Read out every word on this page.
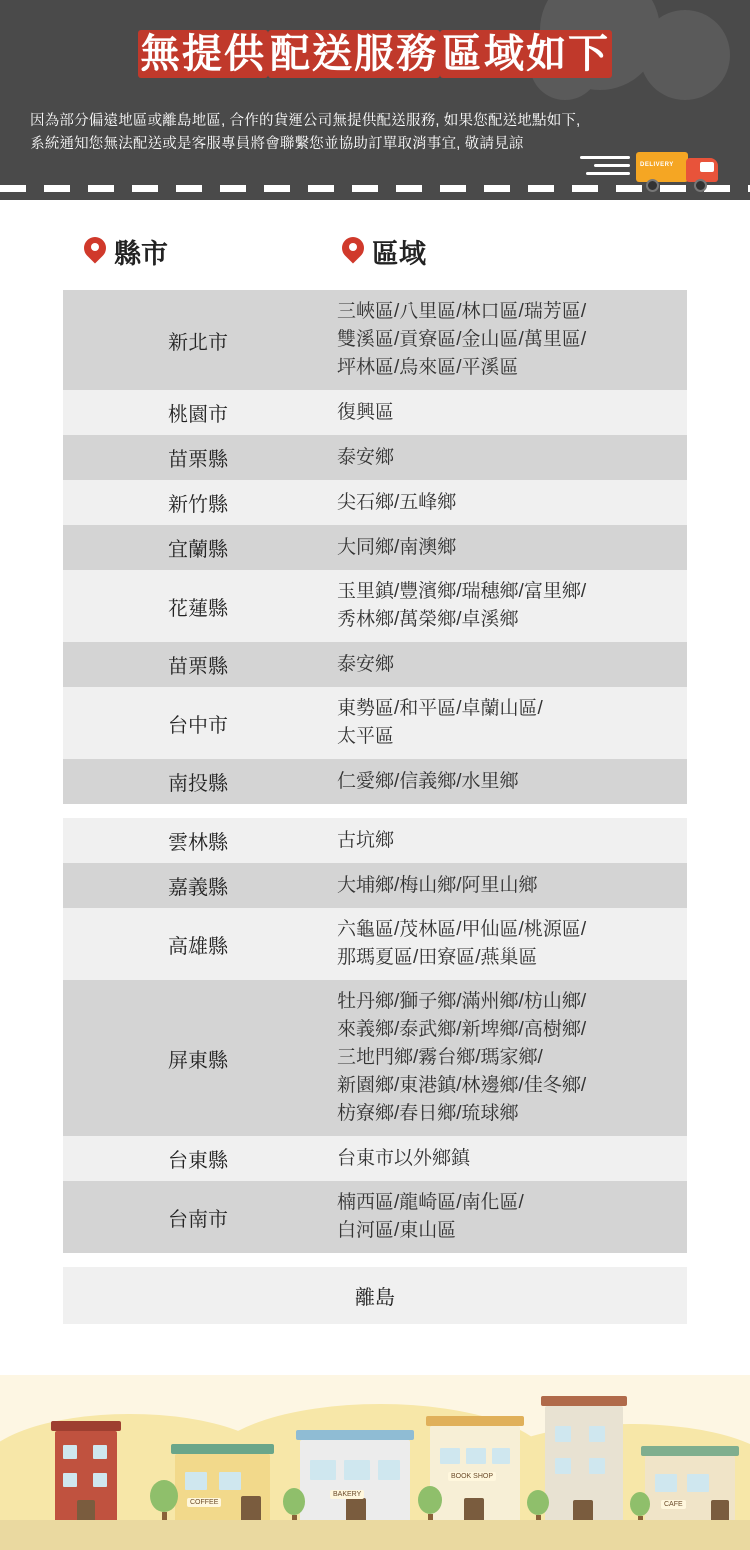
無提供 配送服務 區域如下
因為部分偏遠地區或離島地區, 合作的貨運公司無提供配送服務, 如果您配送地點如下,
系統通知您無法配送或是客服專員將會聯繫您並協助訂單取消事宜, 敬請見諒
DELIVERY
縣市	區域
新北市	三峽區/八里區/林口區/瑞芳區/
雙溪區/貢寮區/金山區/萬里區/
坪林區/烏來區/平溪區

桃園市	復興區

苗栗縣	泰安鄉

新竹縣	尖石鄉/五峰鄉

宜蘭縣	大同鄉/南澳鄉

花蓮縣	玉里鎮/豐濱鄉/瑞穗鄉/富里鄉/
秀林鄉/萬榮鄉/卓溪鄉

苗栗縣	泰安鄉

台中市	東勢區/和平區/卓蘭山區/
太平區

南投縣	仁愛鄉/信義鄉/水里鄉

雲林縣	古坑鄉

嘉義縣	大埔鄉/梅山鄉/阿里山鄉

高雄縣	六龜區/茂林區/甲仙區/桃源區/
那瑪夏區/田寮區/燕巢區

屏東縣	牡丹鄉/獅子鄉/滿州鄉/枋山鄉/
來義鄉/泰武鄉/新埤鄉/高樹鄉/
三地門鄉/霧台鄉/瑪家鄉/
新園鄉/東港鎮/林邊鄉/佳冬鄉/
枋寮鄉/春日鄉/琉球鄉

台東縣	台東市以外鄉鎮

台南市	楠西區/龍崎區/南化區/
白河區/東山區

離島	
COFFEE
BAKERY
BOOK SHOP
CAFE
